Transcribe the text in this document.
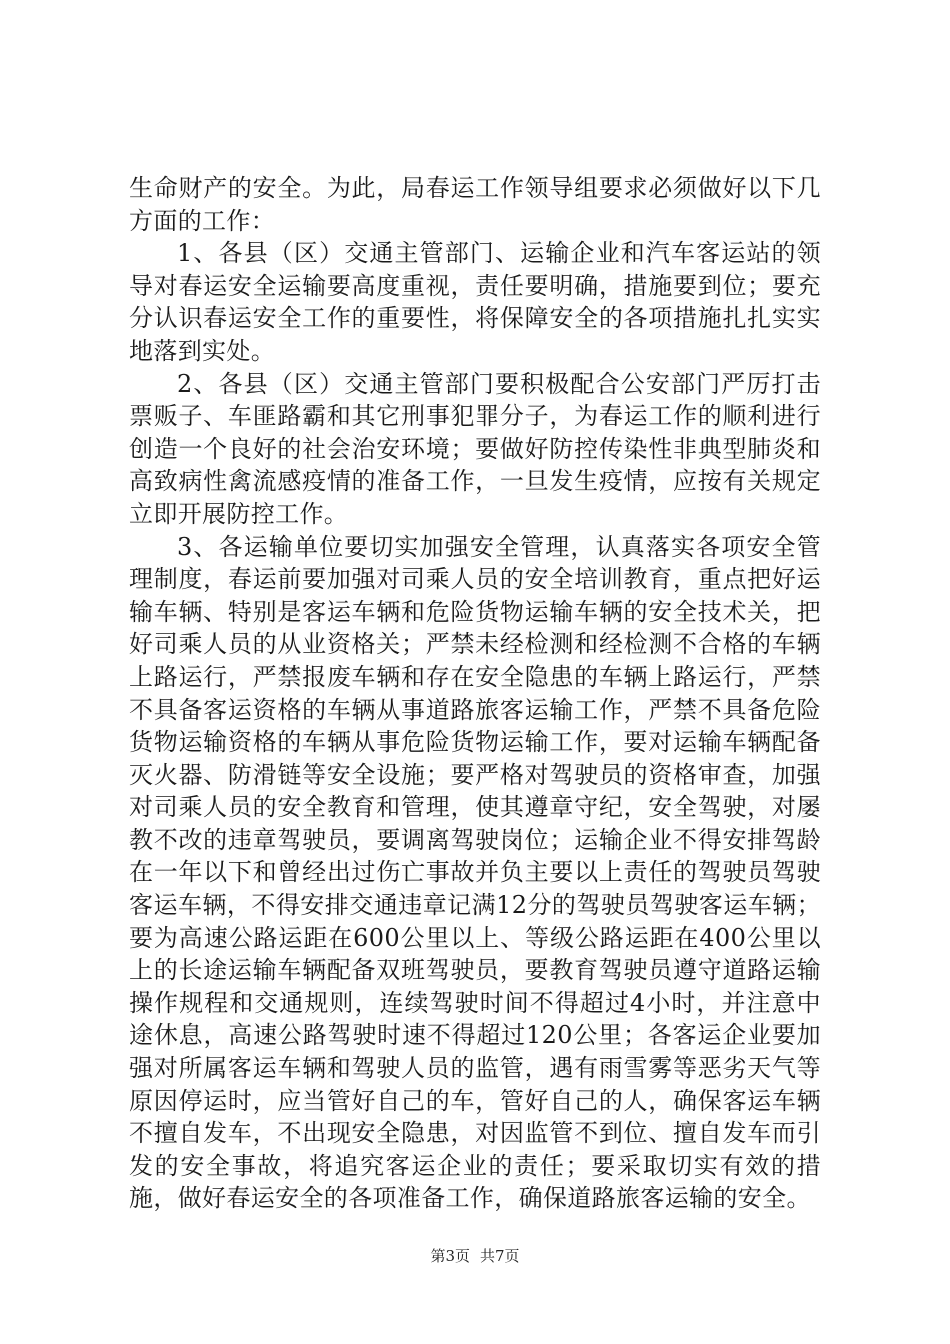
生命财产的安全。为此，局春运工作领导组要求必须做好以下几方面的工作：

1、各县（区）交通主管部门、运输企业和汽车客运站的领导对春运安全运输要高度重视，责任要明确，措施要到位；要充分认识春运安全工作的重要性，将保障安全的各项措施扎扎实实地落到实处。

2、各县（区）交通主管部门要积极配合公安部门严厉打击票贩子、车匪路霸和其它刑事犯罪分子，为春运工作的顺利进行创造一个良好的社会治安环境；要做好防控传染性非典型肺炎和高致病性禽流感疫情的准备工作，一旦发生疫情，应按有关规定立即开展防控工作。

3、各运输单位要切实加强安全管理，认真落实各项安全管理制度，春运前要加强对司乘人员的安全培训教育，重点把好运输车辆、特别是客运车辆和危险货物运输车辆的安全技术关，把好司乘人员的从业资格关；严禁未经检测和经检测不合格的车辆上路运行，严禁报废车辆和存在安全隐患的车辆上路运行，严禁不具备客运资格的车辆从事道路旅客运输工作，严禁不具备危险货物运输资格的车辆从事危险货物运输工作，要对运输车辆配备灭火器、防滑链等安全设施；要严格对驾驶员的资格审查，加强对司乘人员的安全教育和管理，使其遵章守纪，安全驾驶，对屡教不改的违章驾驶员，要调离驾驶岗位；运输企业不得安排驾龄在一年以下和曾经出过伤亡事故并负主要以上责任的驾驶员驾驶客运车辆，不得安排交通违章记满12分的驾驶员驾驶客运车辆；要为高速公路运距在600公里以上、等级公路运距在400公里以上的长途运输车辆配备双班驾驶员，要教育驾驶员遵守道路运输操作规程和交通规则，连续驾驶时间不得超过4小时，并注意中途休息，高速公路驾驶时速不得超过120公里；各客运企业要加强对所属客运车辆和驾驶人员的监管，遇有雨雪雾等恶劣天气等原因停运时，应当管好自己的车，管好自己的人，确保客运车辆不擅自发车，不出现安全隐患，对因监管不到位、擅自发车而引发的安全事故，将追究客运企业的责任；要采取切实有效的措施，做好春运安全的各项准备工作，确保道路旅客运输的安全。

第3页 共7页
